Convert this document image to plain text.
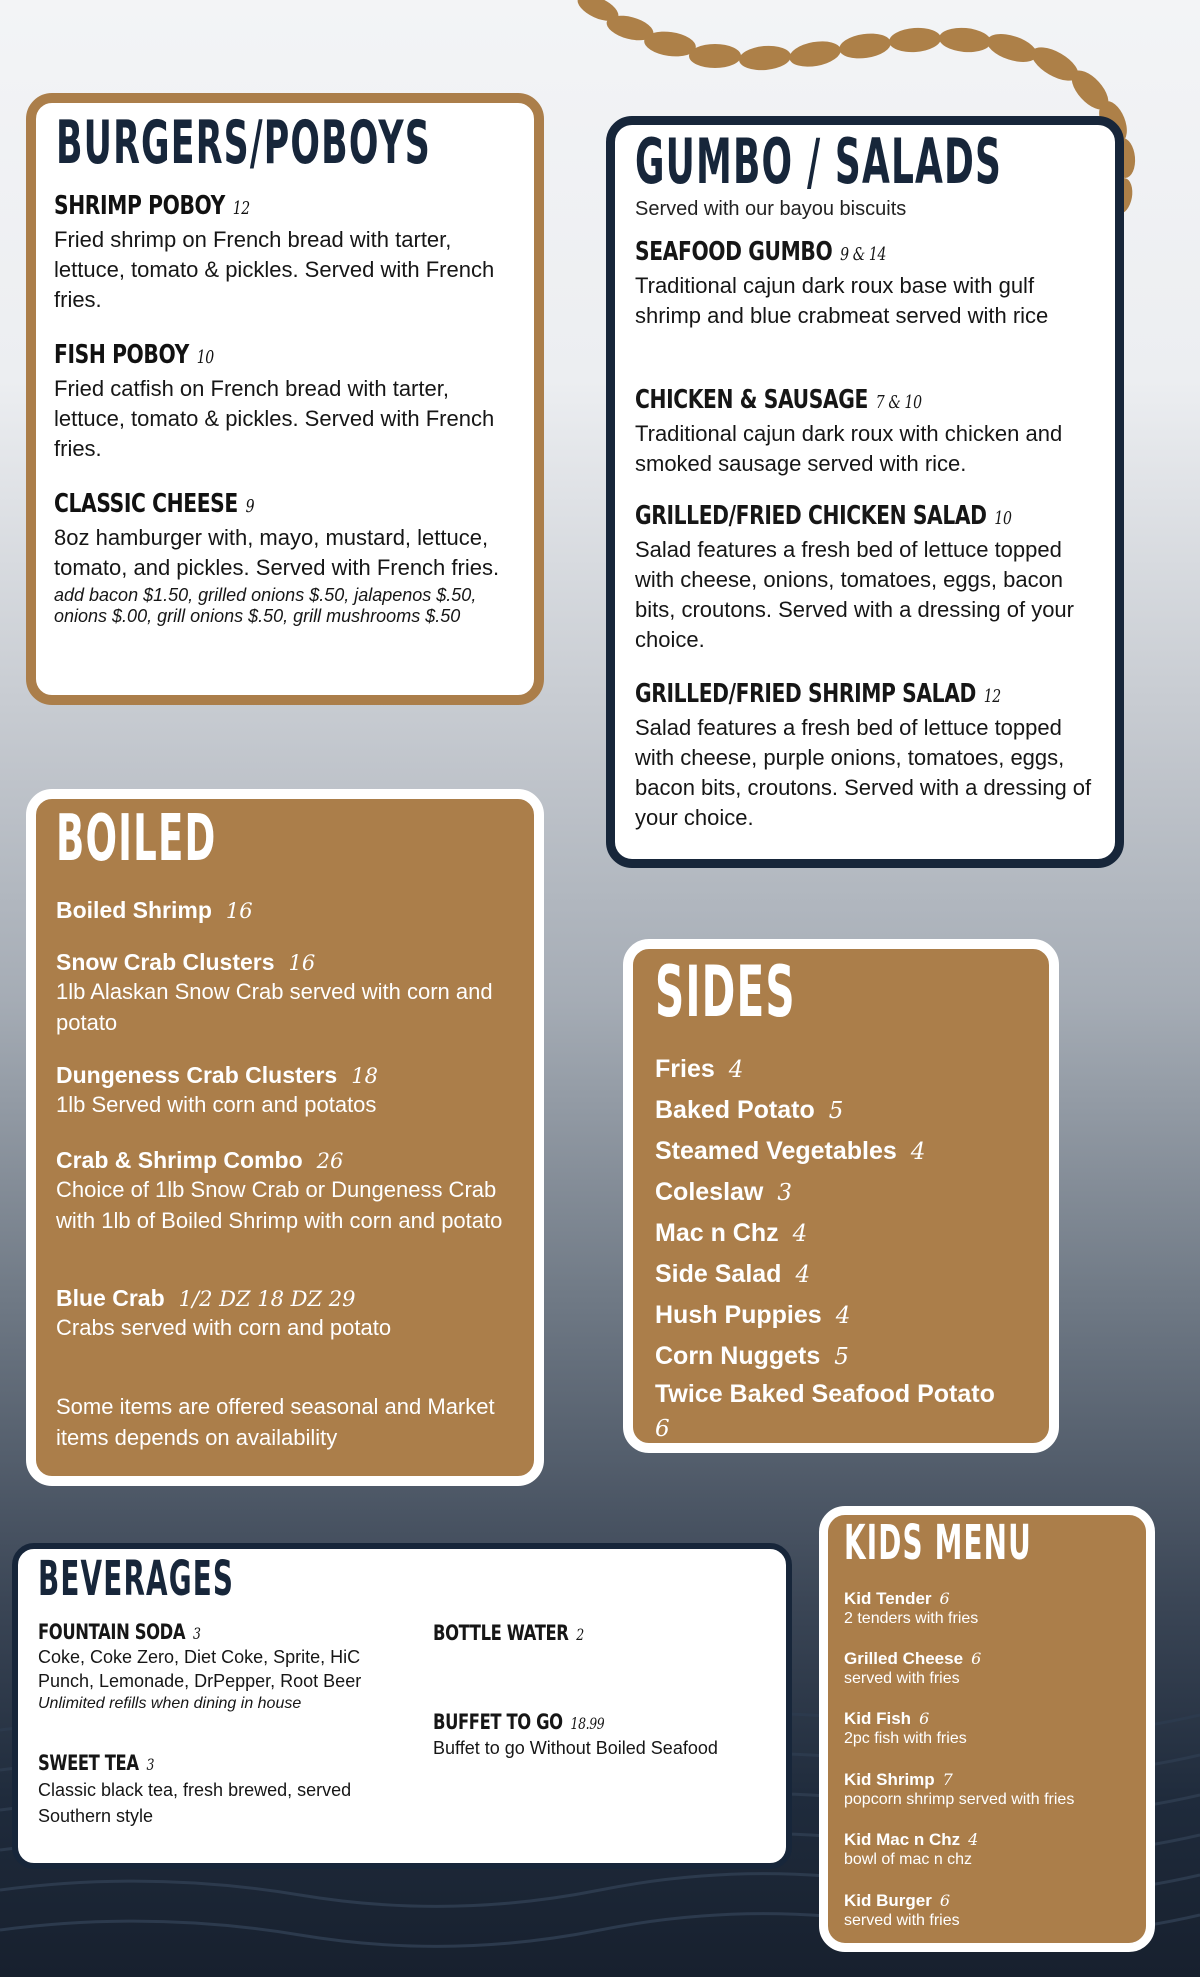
BURGERS/POBOYS
SHRIMP POBOY 12
Fried shrimp on French bread with tarter, lettuce, tomato & pickles. Served with French fries.
FISH POBOY 10
Fried catfish on French bread with tarter, lettuce, tomato & pickles. Served with French fries.
CLASSIC CHEESE 9
8oz hamburger with, mayo, mustard, lettuce, tomato, and pickles. Served with French fries.
add bacon $1.50, grilled onions $.50, jalapenos $.50, onions $.00, grill onions $.50, grill mushrooms $.50
GUMBO / SALADS
Served with our bayou biscuits
SEAFOOD GUMBO 9 & 14
Traditional cajun dark roux base with gulf shrimp and blue crabmeat served with rice
CHICKEN & SAUSAGE 7 & 10
Traditional cajun dark roux with chicken and smoked sausage served with rice.
GRILLED/FRIED CHICKEN SALAD 10
Salad features a fresh bed of lettuce topped with cheese, onions, tomatoes, eggs, bacon bits, croutons. Served with a dressing of your choice.
GRILLED/FRIED SHRIMP SALAD 12
Salad features a fresh bed of lettuce topped with cheese, purple onions, tomatoes, eggs, bacon bits, croutons. Served with a dressing of your choice.
BOILED
Boiled Shrimp 16
Snow Crab Clusters 16
1lb Alaskan Snow Crab served with corn and potato
Dungeness Crab Clusters 18
1lb Served with corn and potatos
Crab & Shrimp Combo 26
Choice of 1lb Snow Crab or Dungeness Crab with 1lb of Boiled Shrimp with corn and potato
Blue Crab 1/2 DZ 18 DZ 29
Crabs served with corn and potato
Some items are offered seasonal and Market items depends on availability
SIDES
Fries 4
Baked Potato 5
Steamed Vegetables 4
Coleslaw 3
Mac n Chz 4
Side Salad 4
Hush Puppies 4
Corn Nuggets 5
Twice Baked Seafood Potato
6
BEVERAGES
FOUNTAIN SODA 3
Coke, Coke Zero, Diet Coke, Sprite, HiC Punch, Lemonade, DrPepper, Root Beer
Unlimited refills when dining in house
SWEET TEA 3
Classic black tea, fresh brewed, served Southern style
BOTTLE WATER 2
BUFFET TO GO 18.99
Buffet to go Without Boiled Seafood
KIDS MENU
Kid Tender 6
2 tenders with fries
Grilled Cheese 6
served with fries
Kid Fish 6
2pc fish with fries
Kid Shrimp 7
popcorn shrimp served with fries
Kid Mac n Chz 4
bowl of mac n chz
Kid Burger 6
served with fries
